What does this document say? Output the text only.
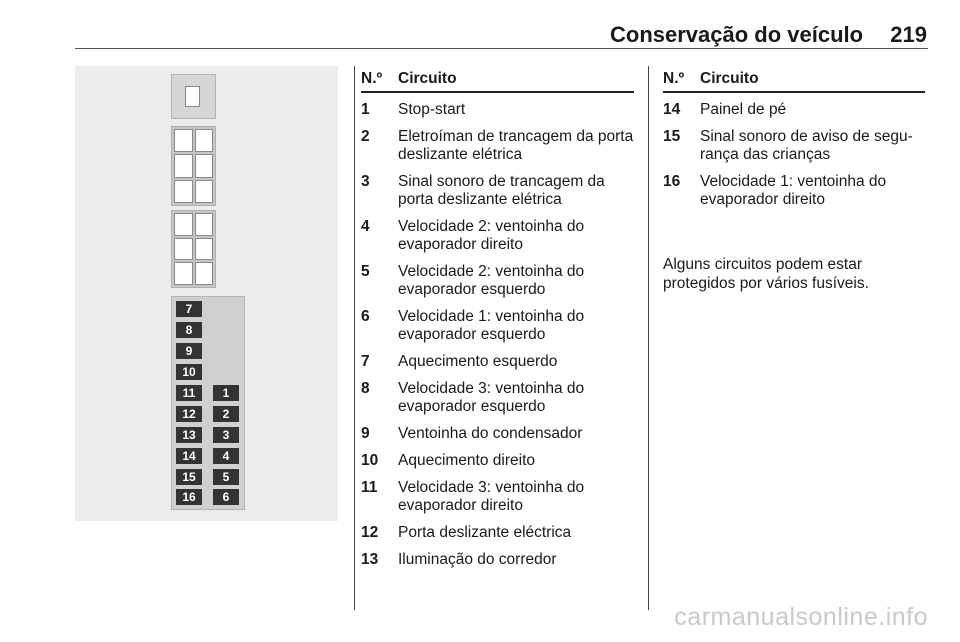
Conservação do veículo 219
7
8
9
10
11
12
13
14
15
16
1
2
3
4
5
6
N.º	Circuito
1	Stop-start
2	Eletroíman de trancagem da porta deslizante elétrica
3	Sinal sonoro de trancagem da porta deslizante elétrica
4	Velocidade 2: ventoinha do evaporador direito
5	Velocidade 2: ventoinha do evaporador esquerdo
6	Velocidade 1: ventoinha do evaporador esquerdo
7	Aquecimento esquerdo
8	Velocidade 3: ventoinha do evaporador esquerdo
9	Ventoinha do condensador
10	Aquecimento direito
11	Velocidade 3: ventoinha do evaporador direito
12	Porta deslizante eléctrica
13	Iluminação do corredor
N.º	Circuito
14	Painel de pé
15	Sinal sonoro de aviso de segu-rança das crianças
16	Velocidade 1: ventoinha do evaporador direito
Alguns circuitos podem estar protegidos por vários fusíveis.
carmanualsonline.info
